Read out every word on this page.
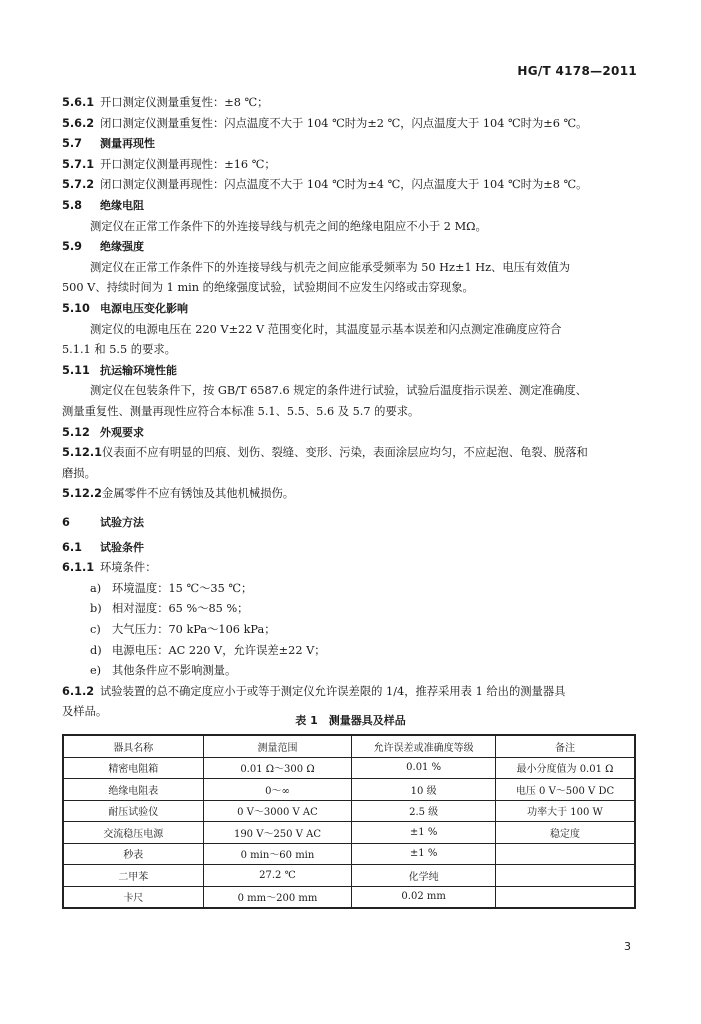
HG/T 4178—2011
5.6.1 开口测定仪测量重复性：±8 ℃；
5.6.2 闭口测定仪测量重复性：闪点温度不大于 104 ℃时为±2 ℃，闪点温度大于 104 ℃时为±6 ℃。
5.7 测量再现性
5.7.1 开口测定仪测量再现性：±16 ℃；
5.7.2 闭口测定仪测量再现性：闪点温度不大于 104 ℃时为±4 ℃，闪点温度大于 104 ℃时为±8 ℃。
5.8 绝缘电阻
测定仪在正常工作条件下的外连接导线与机壳之间的绝缘电阻应不小于 2 MΩ。
5.9 绝缘强度
测定仪在正常工作条件下的外连接导线与机壳之间应能承受频率为 50 Hz±1 Hz、电压有效值为
500 V、持续时间为 1 min 的绝缘强度试验，试验期间不应发生闪络或击穿现象。
5.10 电源电压变化影响
测定仪的电源电压在 220 V±22 V 范围变化时，其温度显示基本误差和闪点测定准确度应符合
5.1.1 和 5.5 的要求。
5.11 抗运输环境性能
测定仪在包装条件下，按 GB/T 6587.6 规定的条件进行试验，试验后温度指示误差、测定准确度、
测量重复性、测量再现性应符合本标准 5.1、5.5、5.6 及 5.7 的要求。
5.12 外观要求
5.12.1仪表面不应有明显的凹痕、划伤、裂缝、变形、污染，表面涂层应均匀，不应起泡、龟裂、脱落和
磨损。
5.12.2金属零件不应有锈蚀及其他机械损伤。
6	试验方法
6.1 试验条件
6.1.1 环境条件：
a) 环境温度：15 ℃～35 ℃；
b) 相对湿度：65 %～85 %；
c) 大气压力：70 kPa～106 kPa；
d) 电源电压：AC 220 V，允许误差±22 V；
e) 其他条件应不影响测量。
6.1.2 试验装置的总不确定度应小于或等于测定仪允许误差限的 1/4，推荐采用表 1 给出的测量器具
及样品。
表 1　测量器具及样品
器具名称	测量范围	允许误差或准确度等级	备注
精密电阻箱	0.01 Ω～300 Ω	0.01 %	最小分度值为 0.01 Ω
绝缘电阻表	0～∞	10 级	电压 0 V～500 V DC
耐压试验仪	0 V～3000 V AC	2.5 级	功率大于 100 W
交流稳压电源	190 V～250 V AC	±1 %	稳定度
秒表	0 min～60 min	±1 %	
二甲苯	27.2 ℃	化学纯	
卡尺	0 mm～200 mm	0.02 mm	
3
